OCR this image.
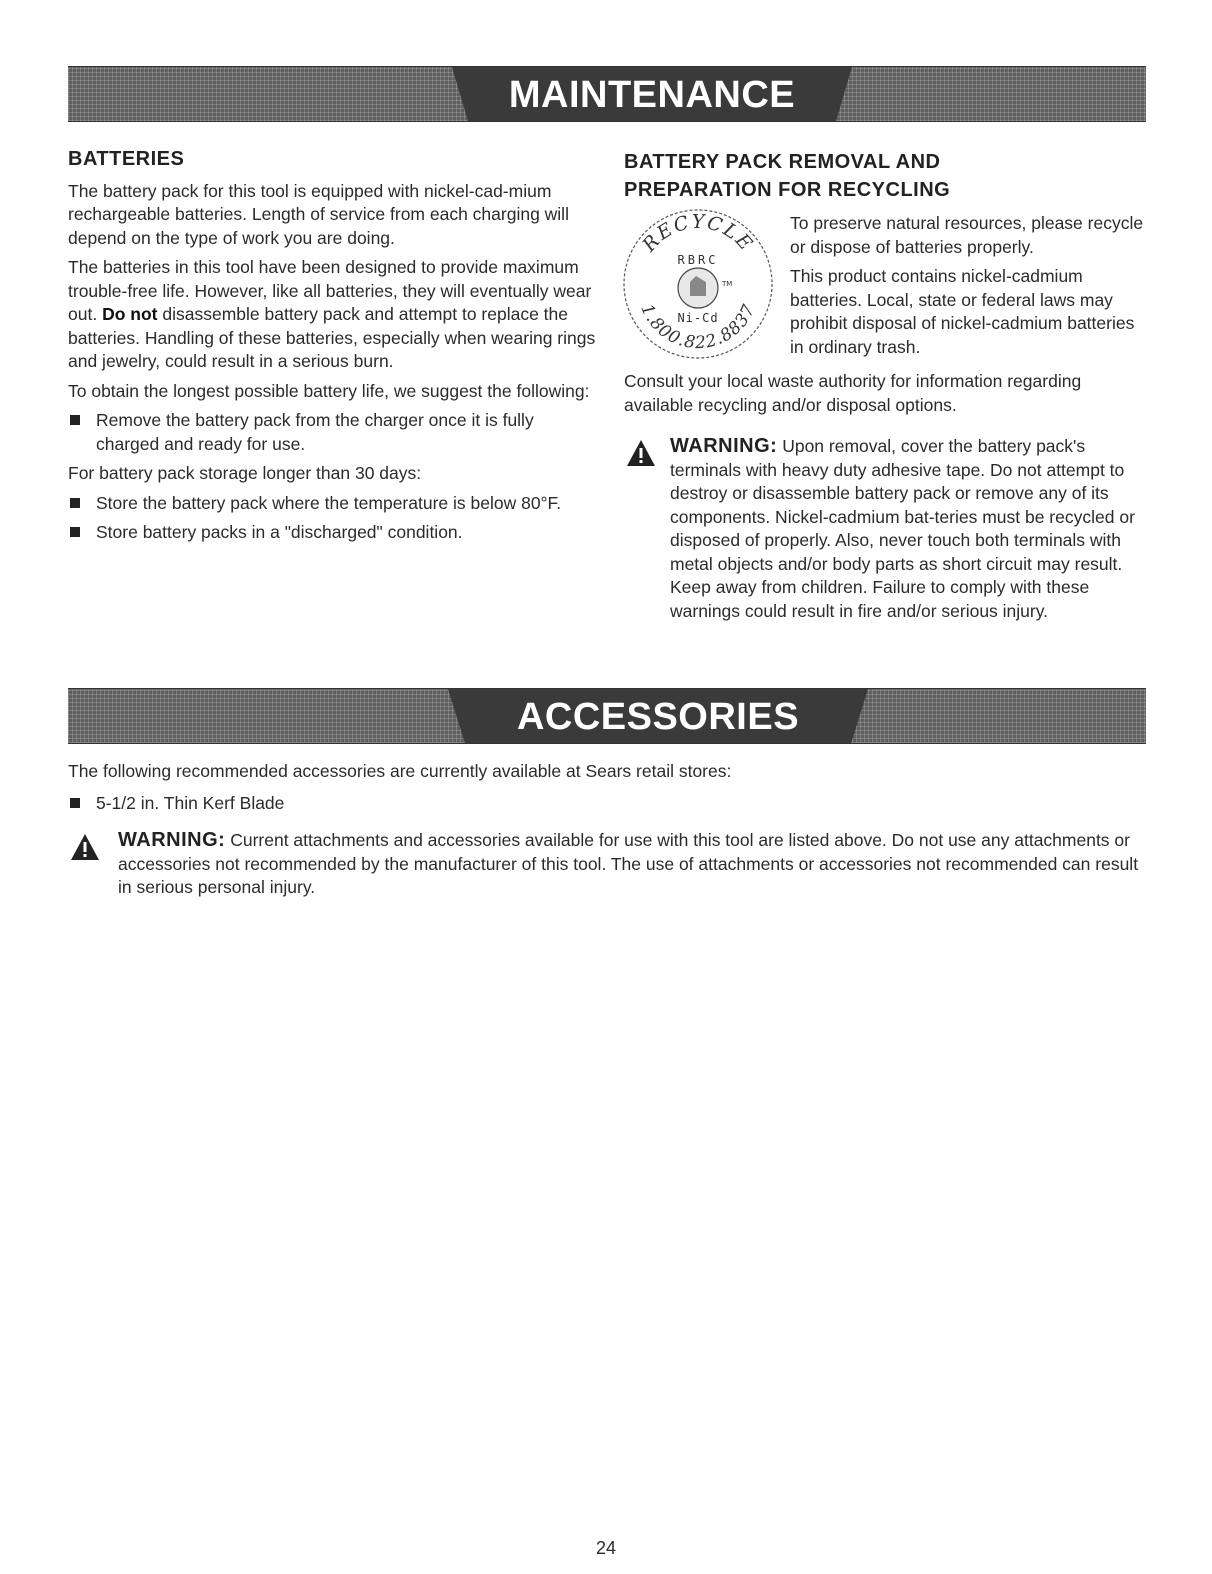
MAINTENANCE
BATTERIES

The battery pack for this tool is equipped with nickel-cad-mium rechargeable batteries. Length of service from each charging will depend on the type of work you are doing.

The batteries in this tool have been designed to provide maximum trouble-free life. However, like all batteries, they will eventually wear out. Do not disassemble battery pack and attempt to replace the batteries. Handling of these batteries, especially when wearing rings and jewelry, could result in a serious burn.

To obtain the longest possible battery life, we suggest the following:

Remove the battery pack from the charger once it is fully charged and ready for use.

For battery pack storage longer than 30 days:

Store the battery pack where the temperature is below 80°F.
Store battery packs in a "discharged" condition.
BATTERY PACK REMOVAL AND
PREPARATION FOR RECYCLING
RECYCLE
RBRC
TM
Ni-Cd
1.800.822.8837

To preserve natural resources, please recycle or dispose of batteries properly.

This product contains nickel-cadmium batteries. Local, state or federal laws may prohibit disposal of nickel-cadmium batteries in ordinary trash.

Consult your local waste authority for information regarding available recycling and/or disposal options.

WARNING: Upon removal, cover the battery pack's terminals with heavy duty adhesive tape. Do not attempt to destroy or disassemble battery pack or remove any of its components. Nickel-cadmium bat-teries must be recycled or disposed of properly. Also, never touch both terminals with metal objects and/or body parts as short circuit may result. Keep away from children. Failure to comply with these warnings could result in fire and/or serious injury.
ACCESSORIES

The following recommended accessories are currently available at Sears retail stores:

5-1/2 in. Thin Kerf Blade
WARNING: Current attachments and accessories available for use with this tool are listed above. Do not use any attachments or accessories not recommended by the manufacturer of this tool. The use of attachments or accessories not recommended can result in serious personal injury.
24
